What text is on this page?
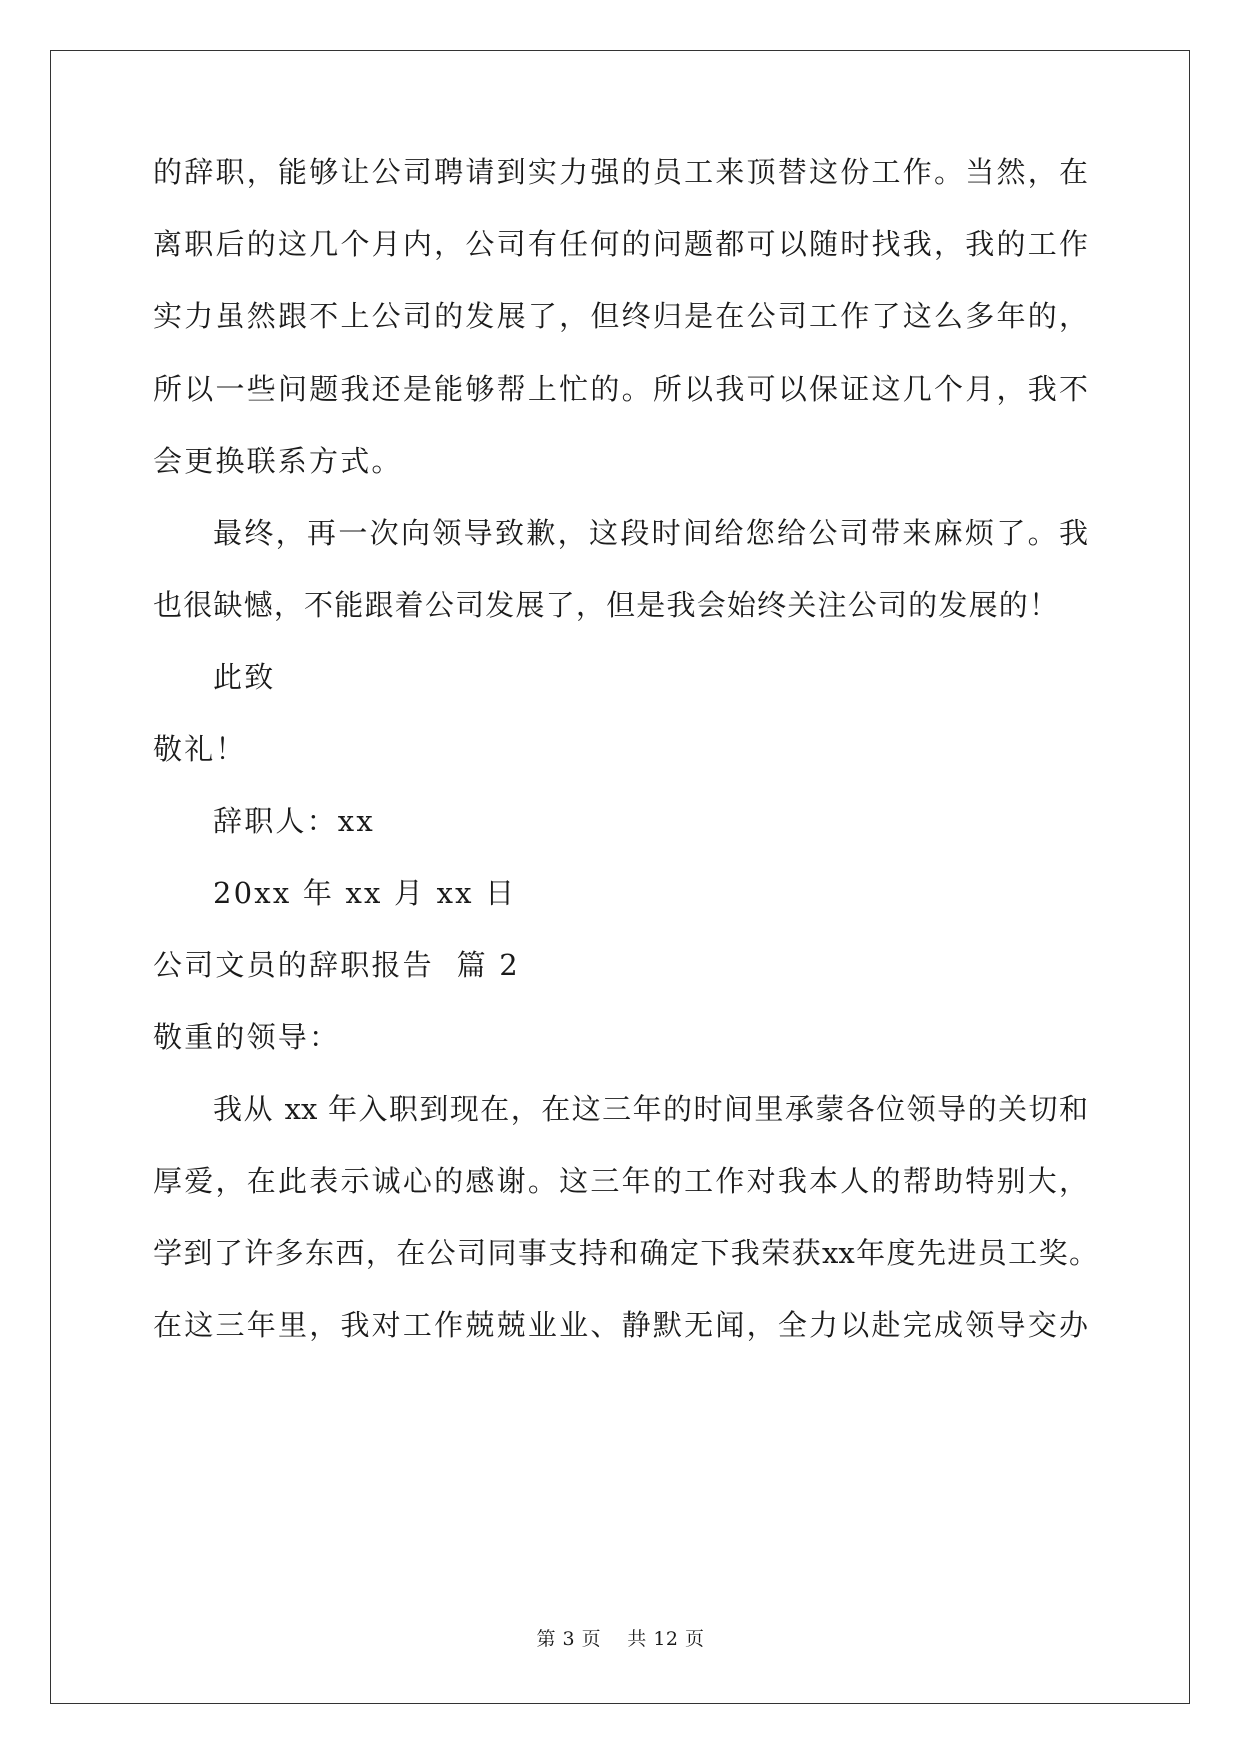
的辞职，能够让公司聘请到实力强的员工来顶替这份工作。当然，在
离职后的这几个月内，公司有任何的问题都可以随时找我，我的工作
实力虽然跟不上公司的发展了，但终归是在公司工作了这么多年的，
所以一些问题我还是能够帮上忙的。所以我可以保证这几个月，我不
会更换联系方式。
最终，再一次向领导致歉，这段时间给您给公司带来麻烦了。我
也很缺憾，不能跟着公司发展了，但是我会始终关注公司的发展的！
此致
敬礼！
辞职人：xx
20xx 年 xx 月 xx 日
公司文员的辞职报告  篇 2
敬重的领导：
我从 xx 年入职到现在，在这三年的时间里承蒙各位领导的关切和
厚爱，在此表示诚心的感谢。这三年的工作对我本人的帮助特别大，
学到了许多东西，在公司同事支持和确定下我荣获xx年度先进员工奖。
在这三年里，我对工作兢兢业业、静默无闻，全力以赴完成领导交办
第 3 页    共 12 页
